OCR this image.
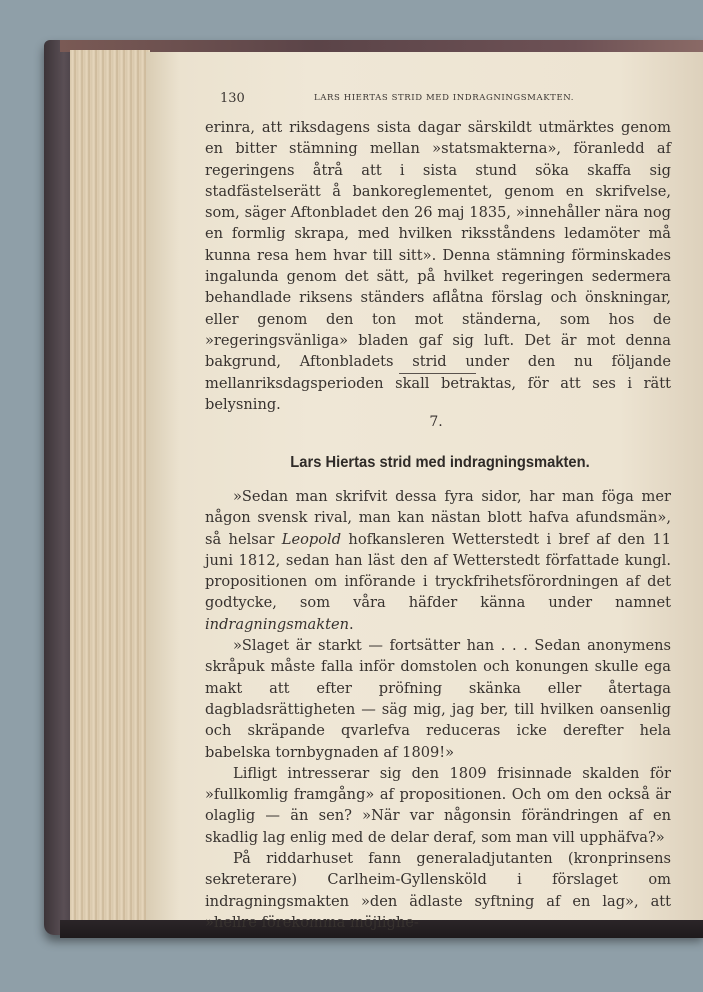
130	LARS HIERTAS STRID MED INDRAGNINGSMAKTEN.

erinra, att riksdagens sista dagar särskildt utmärktes genom en bitter stämning mellan »statsmakterna», föranledd af regeringens åtrå att i sista stund söka skaffa sig stadfästelserätt å bankoreglementet, genom en skrifvelse, som, säger Aftonbladet den 26 maj 1835, »innehåller nära nog en formlig skrapa, med hvilken riksståndens ledamöter må kunna resa hem hvar till sitt». Denna stämning förminskades ingalunda genom det sätt, på hvilket regeringen sedermera behandlade riksens ständers aflåtna förslag och önskningar, eller genom den ton mot ständerna, som hos de »regeringsvänliga» bladen gaf sig luft. Det är mot denna bakgrund, Aftonbladets strid under den nu följande mellanriksdagsperioden skall betraktas, för att ses i rätt belysning.

7.
Lars Hiertas strid med indragningsmakten.

»Sedan man skrifvit dessa fyra sidor, har man föga mer någon svensk rival, man kan nästan blott hafva afundsmän», så helsar Leopold hofkansleren Wetterstedt i bref af den 11 juni 1812, sedan han läst den af Wetterstedt författade kungl. propositionen om införande i tryckfrihetsförordningen af det godtycke, som våra häfder känna under namnet indragningsmakten.

»Slaget är starkt — fortsätter han . . . Sedan anonymens skråpuk måste falla inför domstolen och konungen skulle ega makt att efter pröfning skänka eller återtaga dagbladsrättigheten — säg mig, jag ber, till hvilken oansenlig och skräpande qvarlefva reduceras icke derefter hela babelska tornbygnaden af 1809!»

Lifligt intresserar sig den 1809 frisinnade skalden för »fullkomlig framgång» af propositionen. Och om den också är olaglig — än sen? »När var någonsin förändringen af en skadlig lag enlig med de delar deraf, som man vill upphäfva?»

På riddarhuset fann generaladjutanten (kronprinsens sekreterare) Carlheim-Gyllensköld i förslaget om indragningsmakten »den ädlaste syftning af en lag», att »hellre förekomma möjlighe-
